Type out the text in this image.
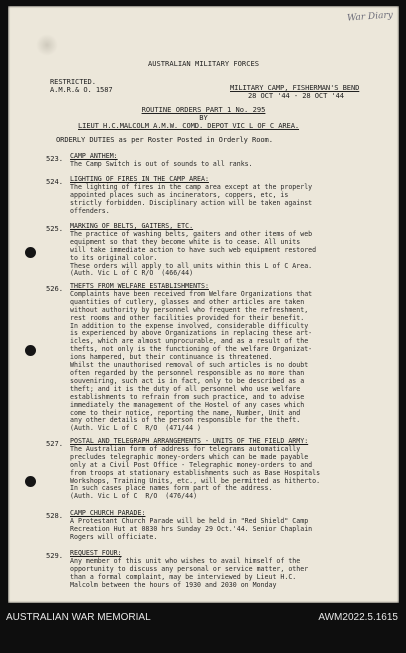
War Diary
AUSTRALIAN MILITARY FORCES
RESTRICTED.
A.M.R.& O. 1587	MILITARY CAMP, FISHERMAN'S BEND
28 OCT '44 - 28 OCT '44
ROUTINE ORDERS PART 1 No. 295
BY
LIEUT H.C.MALCOLM A.M.W. COMD. DEPOT VIC L OF C AREA.
ORDERLY DUTIES as per Roster Posted in Orderly Room.
523. CAMP ANTHEM:
The Camp Switch is out of sounds to all ranks.
524. LIGHTING OF FIRES IN THE CAMP AREA:
The lighting of fires in the camp area except at the properly
appointed places such as incinerators, coppers, etc, is
strictly forbidden. Disciplinary action will be taken against
offenders.
525. MARKING OF BELTS, GAITERS, ETC.
The practice of washing belts, gaiters and other items of web
equipment so that they become white is to cease. All units
will take immediate action to have such web equipment restored
to its original color.
These orders will apply to all units within this L of C Area.
(Auth. Vic L of C R/O  (466/44)
526. THEFTS FROM WELFARE ESTABLISHMENTS:
Complaints have been received from Welfare Organizations that
quantities of cutlery, glasses and other articles are taken
without authority by personnel who frequent the refreshment,
rest rooms and other facilities provided for their benefit.
In addition to the expense involved, considerable difficulty
is experienced by above Organizations in replacing these art-
icles, which are almost unprocurable, and as a result of the
thefts, not only is the functioning of the welfare Organizat-
ions hampered, but their continuance is threatened.
Whilst the unauthorised removal of such articles is no doubt
often regarded by the personnel responsible as no more than
souveniring, such act is in fact, only to be described as a
theft; and it is the duty of all personnel who use welfare
establishments to refrain from such practice, and to advise
immediately the management of the Hostel of any cases which
come to their notice, reporting the name, Number, Unit and
any other details of the person responsible for the theft.
(Auth. Vic L of C  R/O  (471/44 )
527. POSTAL AND TELEGRAPH ARRANGEMENTS - UNITS OF THE FIELD ARMY:
The Australian form of address for telegrams automatically
precludes telegraphic money-orders which can be made payable
only at a Civil Post Office - Telegraphic money-orders to and
from troops at stationary establishments such as Base Hospitals
Workshops, Training Units, etc., will be permitted as hitherto.
In such cases place names form part of the address.
(Auth. Vic L of C  R/O  (476/44)
528. CAMP CHURCH PARADE:
A Protestant Church Parade will be held in "Red Shield" Camp
Recreation Hut at 0830 hrs Sunday 29 Oct.'44. Senior Chaplain
Rogers will officiate.
529. REQUEST FOUR:
Any member of this unit who wishes to avail himself of the
opportunity to discuss any personal or service matter, other
than a formal complaint, may be interviewed by Lieut H.C.
Malcolm between the hours of 1930 and 2030 on Monday
AUSTRALIAN WAR MEMORIAL	AWM2022.5.1615
